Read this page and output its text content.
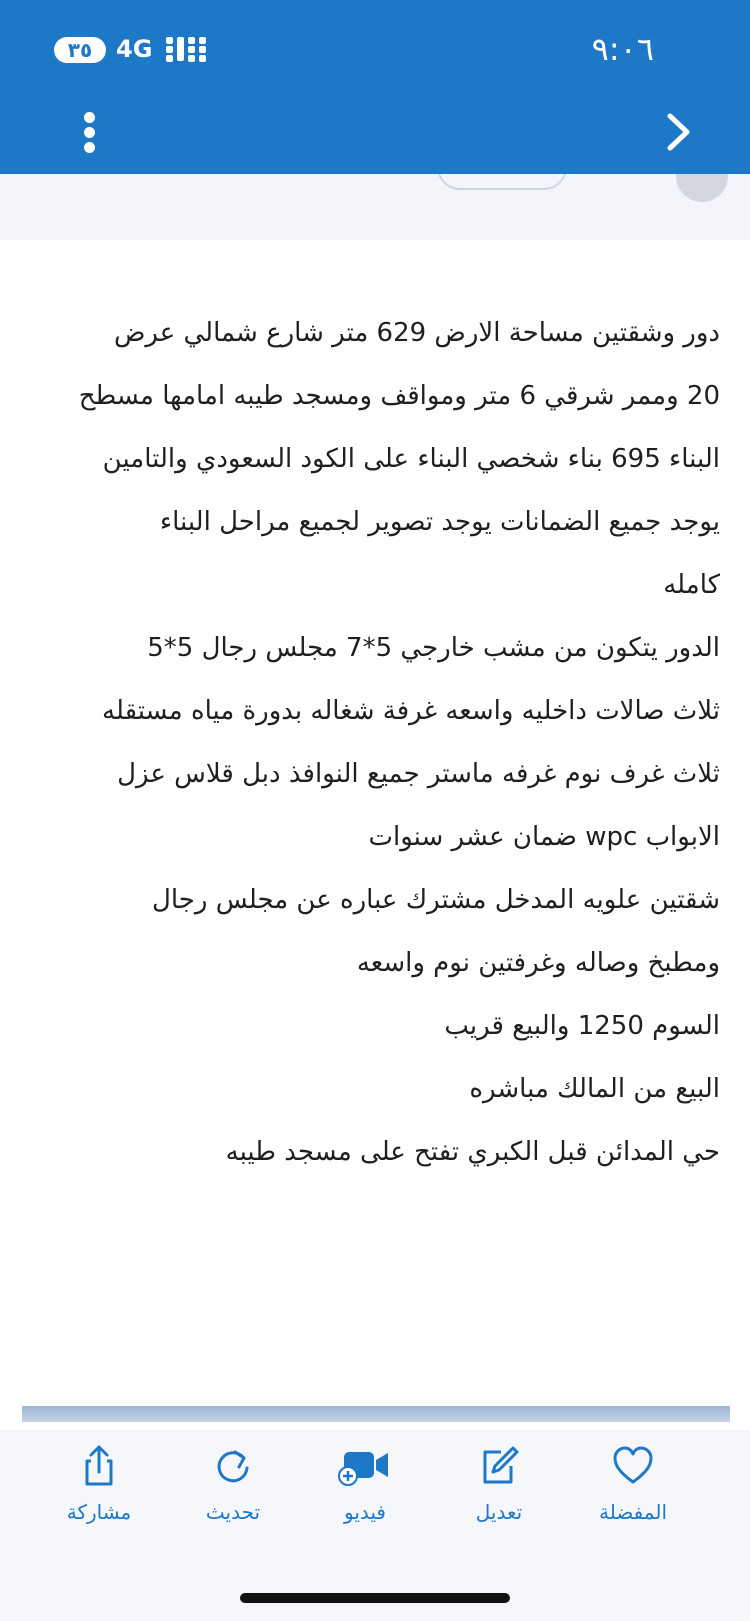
٣٥ 4G	٩:٠٦

دور وشقتين مساحة الارض 629 متر شارع شمالي عرض

20 وممر شرقي 6 متر ومواقف ومسجد طيبه امامها مسطح

البناء 695 بناء شخصي البناء على الكود السعودي والتامين

يوجد جميع الضمانات يوجد تصوير لجميع مراحل البناء

كامله

الدور يتكون من مشب خارجي 5*7 مجلس رجال 5*5

ثلاث صالات داخليه واسعه غرفة شغاله بدورة مياه مستقله

ثلاث غرف نوم غرفه ماستر جميع النوافذ دبل قلاس عزل

الابواب wpc ضمان عشر سنوات

شقتين علويه المدخل مشترك عباره عن مجلس رجال

ومطبخ وصاله وغرفتين نوم واسعه

السوم 1250 والبيع قريب

البيع من المالك مباشره

حي المدائن قبل الكبري تفتح على مسجد طيبه

مشاركة	تحديث	فيديو	تعديل	المفضلة
